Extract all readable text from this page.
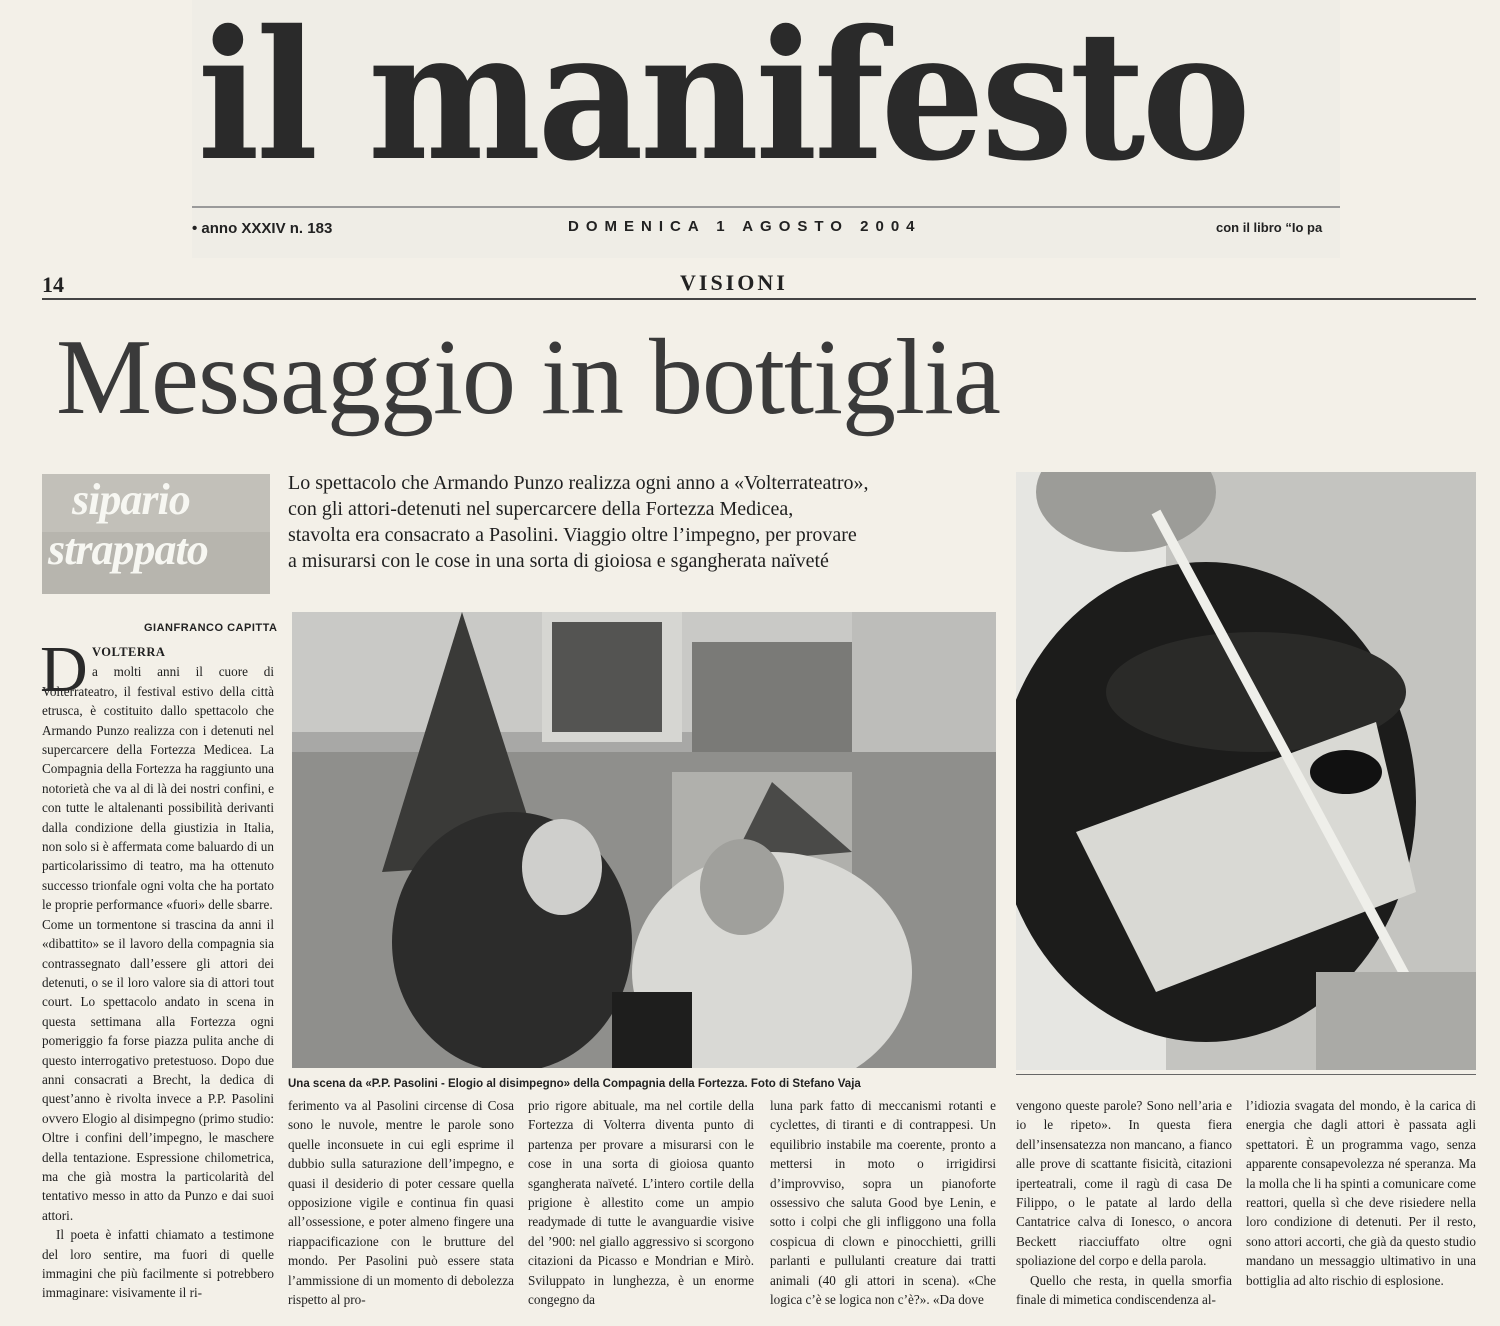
il manifesto
• anno XXXIV n. 183	DOMENICA 1 AGOSTO 2004	con il libro “Io pa
14	VISIONI
Messaggio in bottiglia
sipario
strappato
Lo spettacolo che Armando Punzo realizza ogni anno a «Volterrateatro»,
con gli attori-detenuti nel supercarcere della Fortezza Medicea,
stavolta era consacrato a Pasolini. Viaggio oltre l’impegno, per provare
a misurarsi con le cose in una sorta di gioiosa e sgangherata naïveté
GIANFRANCO CAPITTA
D VOLTERRA

a molti anni il cuore di Volterrateatro, il festival estivo della città etrusca, è costituito dallo spettacolo che Armando Punzo realizza con i detenuti nel supercarcere della Fortezza Medicea. La Compagnia della Fortezza ha raggiunto una notorietà che va al di là dei nostri confini, e con tutte le altalenanti possibilità derivanti dalla condizione della giustizia in Italia, non solo si è affermata come baluardo di un particolarissimo di teatro, ma ha ottenuto successo trionfale ogni volta che ha portato le proprie performance «fuori» delle sbarre.

Come un tormentone si trascina da anni il «dibattito» se il lavoro della compagnia sia contrassegnato dall’essere gli attori dei detenuti, o se il loro valore sia di attori tout court. Lo spettacolo andato in scena in questa settimana alla Fortezza ogni pomeriggio fa forse piazza pulita anche di questo interrogativo pretestuoso. Dopo due anni consacrati a Brecht, la dedica di quest’anno è rivolta invece a P.P. Pasolini ovvero Elogio al disimpegno (primo studio: Oltre i confini dell’impegno, le maschere della tentazione. Espressione chilometrica, ma che già mostra la particolarità del tentativo messo in atto da Punzo e dai suoi attori.

Il poeta è infatti chiamato a testimone del loro sentire, ma fuori di quelle immagini che più facilmente si potrebbero immaginare: visivamente il ri-

Una scena da «P.P. Pasolini - Elogio al disimpegno» della Compagnia della Fortezza. Foto di Stefano Vaja

ferimento va al Pasolini circense di Cosa sono le nuvole, mentre le parole sono quelle inconsuete in cui egli esprime il dubbio sulla saturazione dell’impegno, e quasi il desiderio di poter cessare quella opposizione vigile e continua fin quasi all’ossessione, e poter almeno fingere una riappacificazione con le brutture del mondo. Per Pasolini può essere stata l’ammissione di un momento di debolezza rispetto al pro-

prio rigore abituale, ma nel cortile della Fortezza di Volterra diventa punto di partenza per provare a misurarsi con le cose in una sorta di gioiosa quanto sgangherata naïveté. L’intero cortile della prigione è allestito come un ampio readymade di tutte le avanguardie visive del ’900: nel giallo aggressivo si scorgono citazioni da Picasso e Mondrian e Mirò. Sviluppato in lunghezza, è un enorme congegno da

luna park fatto di meccanismi rotanti e cyclettes, di tiranti e di contrappesi. Un equilibrio instabile ma coerente, pronto a mettersi in moto o irrigidirsi d’improvviso, sopra un pianoforte ossessivo che saluta Good bye Lenin, e sotto i colpi che gli infliggono una folla cospicua di clown e pinocchietti, grilli parlanti e pullulanti creature dai tratti animali (40 gli attori in scena). «Che logica c’è se logica non c’è?». «Da dove

vengono queste parole? Sono nell’aria e io le ripeto». In questa fiera dell’insensatezza non mancano, a fianco alle prove di scattante fisicità, citazioni iperteatrali, come il ragù di casa De Filippo, o le patate al lardo della Cantatrice calva di Ionesco, o ancora Beckett riacciuffato oltre ogni spoliazione del corpo e della parola.

Quello che resta, in quella smorfia finale di mimetica condiscendenza al-

l’idiozia svagata del mondo, è la carica di energia che dagli attori è passata agli spettatori. È un programma vago, senza apparente consapevolezza né speranza. Ma la molla che li ha spinti a comunicare come reattori, quella sì che deve risiedere nella loro condizione di detenuti. Per il resto, sono attori accorti, che già da questo studio mandano un messaggio ultimativo in una bottiglia ad alto rischio di esplosione.
